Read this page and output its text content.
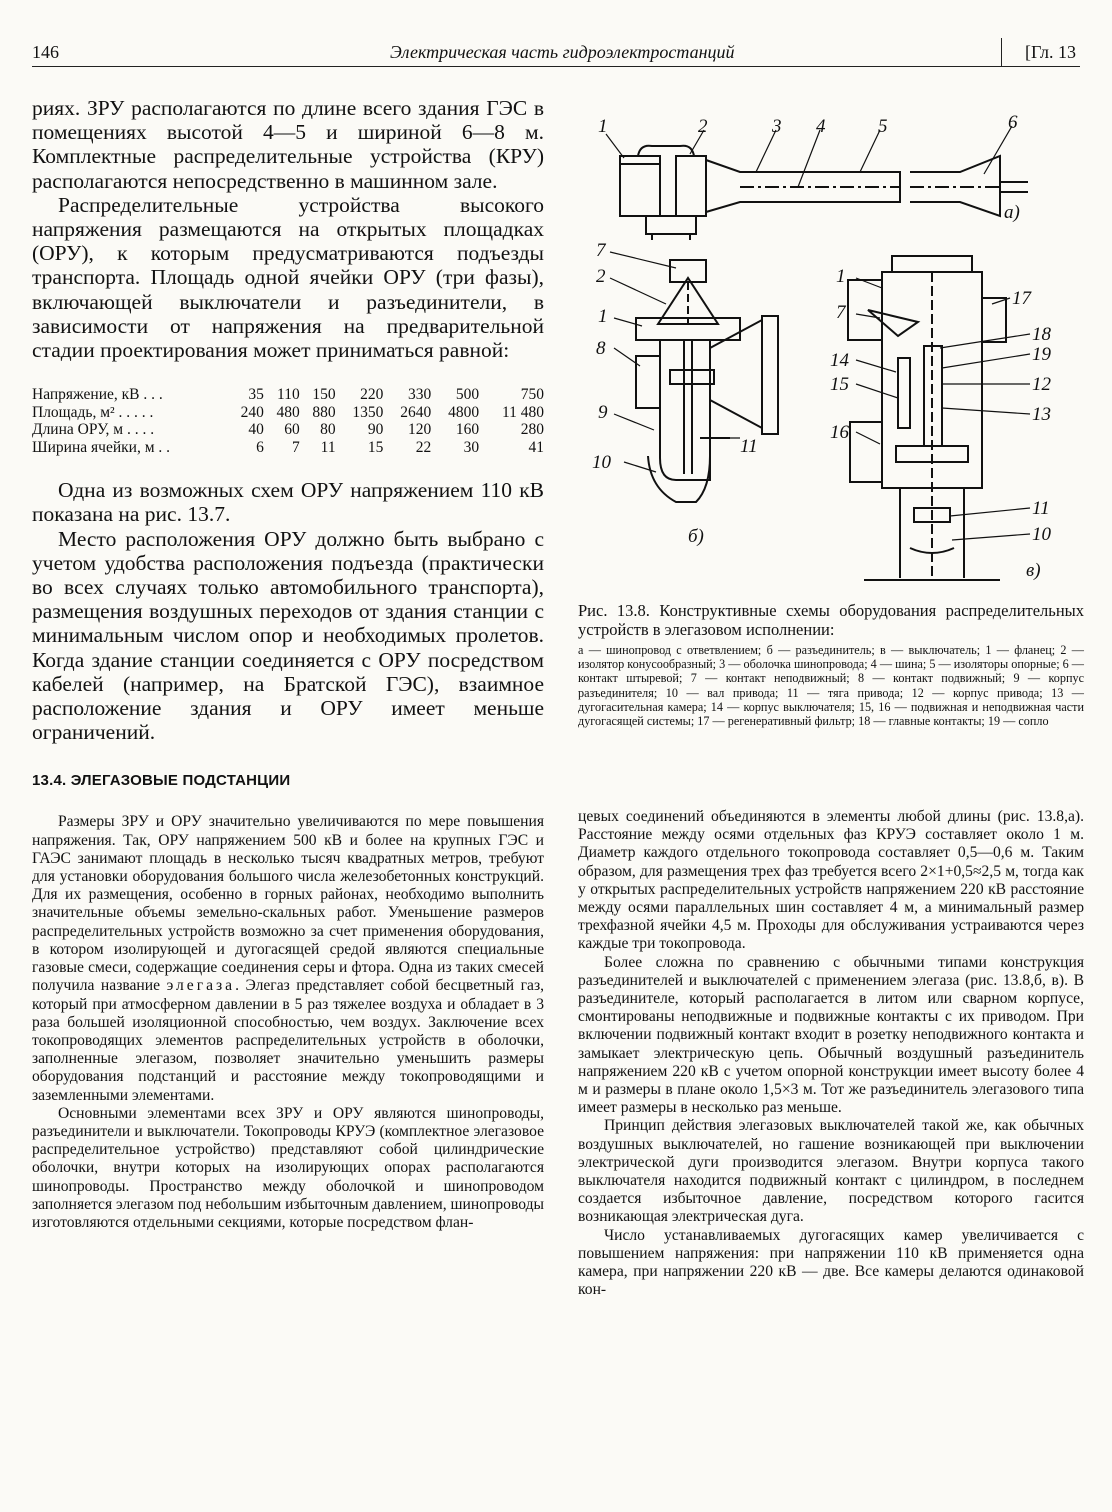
146	Электрическая часть гидроэлектростанций	[Гл. 13

риях. ЗРУ располагаются по длине всего здания ГЭС в помещениях высотой 4—5 и шириной 6—8 м. Комплектные распределительные устройства (КРУ) располагаются непосредственно в машинном зале.

Распределительные устройства высокого напряжения размещаются на открытых площадках (ОРУ), к которым предусматриваются подъезды транспорта. Площадь одной ячейки ОРУ (три фазы), включающей выключатели и разъединители, в зависимости от напряжения на предварительной стадии проектирования может приниматься равной:

Напряжение, кВ . . .	35	110	150	220	330	500	750
Площадь, м² . . . . .	240	480	880	1350	2640	4800	11 480
Длина ОРУ, м . . . .	40	60	80	90	120	160	280
Ширина ячейки, м . .	6	7	11	15	22	30	41

Одна из возможных схем ОРУ напряжением 110 кВ показана на рис. 13.7.

Место расположения ОРУ должно быть выбрано с учетом удобства расположения подъезда (практически во всех случаях только автомобильного транспорта), размещения воздушных переходов от здания станции с минимальным числом опор и необходимых пролетов. Когда здание станции соединяется с ОРУ посредством кабелей (например, на Братской ГЭС), взаимное расположение здания и ОРУ имеет меньше ограничений.

13.4. ЭЛЕГАЗОВЫЕ ПОДСТАНЦИИ

Размеры ЗРУ и ОРУ значительно увеличиваются по мере повышения напряжения. Так, ОРУ напряжением 500 кВ и более на крупных ГЭС и ГАЭС занимают площадь в несколько тысяч квадратных метров, требуют для установки оборудования большого числа железобетонных конструкций. Для их размещения, особенно в горных районах, необходимо выполнить значительные объемы земельно-скальных работ. Уменьшение размеров распределительных устройств возможно за счет применения оборудования, в котором изолирующей и дугогасящей средой являются специальные газовые смеси, содержащие соединения серы и фтора. Одна из таких смесей получила название элегаза. Элегаз представляет собой бесцветный газ, который при атмосферном давлении в 5 раз тяжелее воздуха и обладает в 3 раза большей изоляционной способностью, чем воздух. Заключение всех токопроводящих элементов распределительных устройств в оболочки, заполненные элегазом, позволяет значительно уменьшить размеры оборудования подстанций и расстояние между токопроводящими и заземленными элементами.

Основными элементами всех ЗРУ и ОРУ являются шинопроводы, разъединители и выключатели. Токопроводы КРУЭ (комплектное элегазовое распределительное устройство) представляют собой цилиндрические оболочки, внутри которых на изолирующих опорах располагаются шинопроводы. Пространство между оболочкой и шинопроводом заполняется элегазом под небольшим избыточным давлением, шинопроводы изготовляются отдельными секциями, которые посредством флан-

1	2	3 4	5	6
а)
7
2
1
8
9
10
11
б)
1
7
14
15
16
17
18
19
12
13
11
10
в)

Рис. 13.8. Конструктивные схемы оборудования распределительных устройств в элегазовом исполнении:

а — шинопровод с ответвлением; б — разъединитель; в — выключатель; 1 — фланец; 2 — изолятор конусообразный; 3 — оболочка шинопровода; 4 — шина; 5 — изоляторы опорные; 6 — контакт штыревой; 7 — контакт неподвижный; 8 — контакт подвижный; 9 — корпус разъединителя; 10 — вал привода; 11 — тяга привода; 12 — корпус привода; 13 — дугогасительная камера; 14 — корпус выключателя; 15, 16 — подвижная и неподвижная части дугогасящей системы; 17 — регенеративный фильтр; 18 — главные контакты; 19 — сопло

цевых соединений объединяются в элементы любой длины (рис. 13.8,а). Расстояние между осями отдельных фаз КРУЭ составляет около 1 м. Диаметр каждого отдельного токопровода составляет 0,5—0,6 м. Таким образом, для размещения трех фаз требуется всего 2×1+0,5≈2,5 м, тогда как у открытых распределительных устройств напряжением 220 кВ расстояние между осями параллельных шин составляет 4 м, а минимальный размер трехфазной ячейки 4,5 м. Проходы для обслуживания устраиваются через каждые три токопровода.

Более сложна по сравнению с обычными типами конструкция разъединителей и выключателей с применением элегаза (рис. 13.8,б, в). В разъединителе, который располагается в литом или сварном корпусе, смонтированы неподвижные и подвижные контакты с их приводом. При включении подвижный контакт входит в розетку неподвижного контакта и замыкает электрическую цепь. Обычный воздушный разъединитель напряжением 220 кВ с учетом опорной конструкции имеет высоту более 4 м и размеры в плане около 1,5×3 м. Тот же разъединитель элегазового типа имеет размеры в несколько раз меньше.

Принцип действия элегазовых выключателей такой же, как обычных воздушных выключателей, но гашение возникающей при выключении электрической дуги производится элегазом. Внутри корпуса такого выключателя находится подвижный контакт с цилиндром, в последнем создается избыточное давление, посредством которого гасится возникающая электрическая дуга.

Число устанавливаемых дугогасящих камер увеличивается с повышением напряжения: при напряжении 110 кВ применяется одна камера, при напряжении 220 кВ — две. Все камеры делаются одинаковой кон-
